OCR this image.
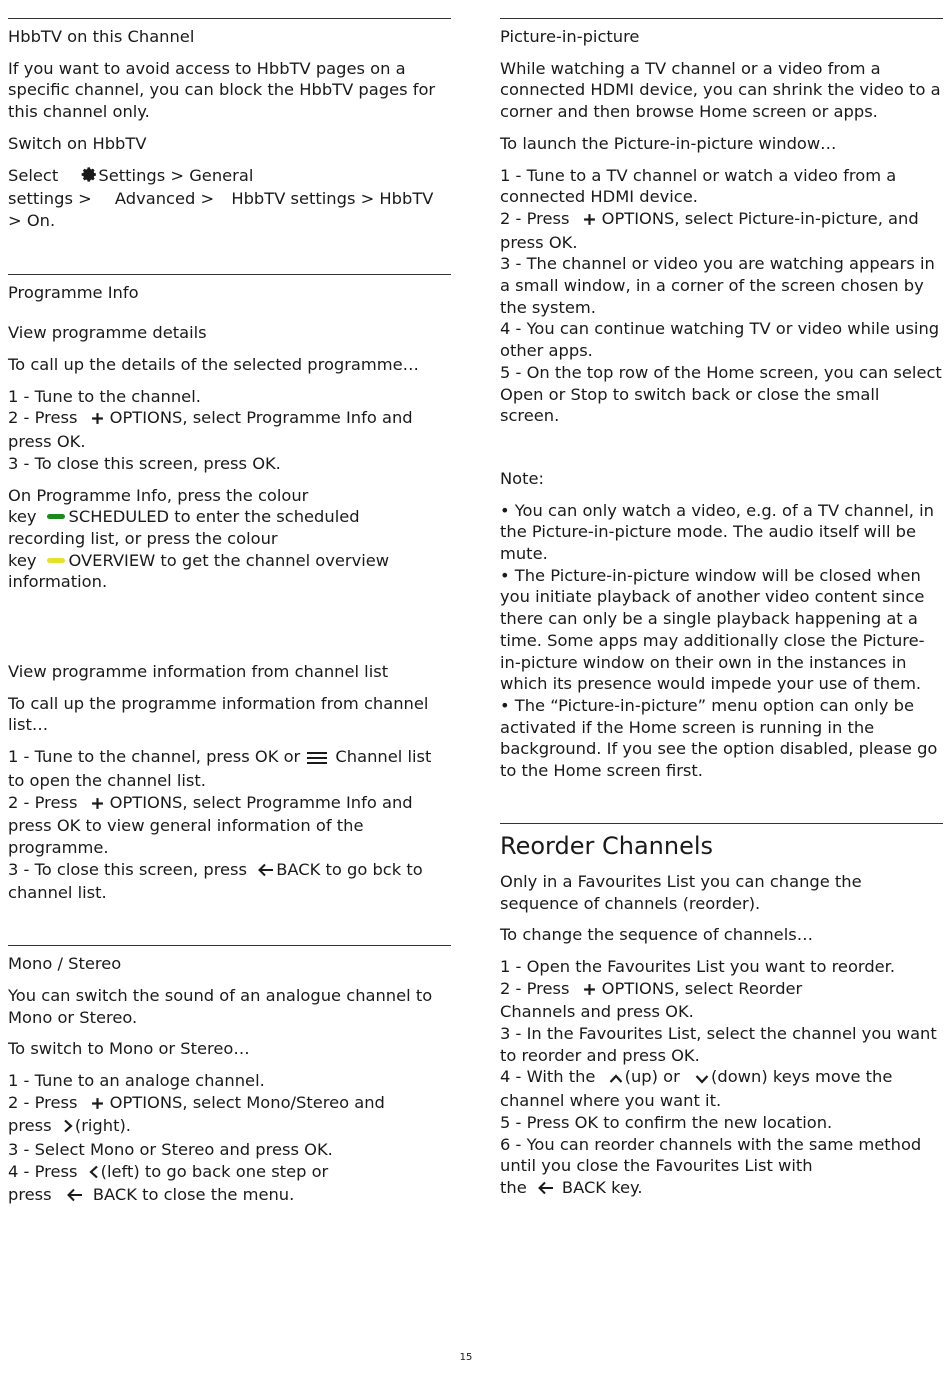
HbbTV on this Channel

If you want to avoid access to HbbTV pages on a specific channel, you can block the HbbTV pages for this channel only.

Switch on HbbTV

Select Settings > General
settings > Advanced > HbbTV settings > HbbTV
> On.

Programme Info

View programme details

To call up the details of the selected programme…

1 - Tune to the channel.
2 - Press OPTIONS, select Programme Info and
press OK.
3 - To close this screen, press OK.

On Programme Info, press the colour
key SCHEDULED to enter the scheduled
recording list, or press the colour
key OVERVIEW to get the channel overview
information.

View programme information from channel list

To call up the programme information from channel list…

1 - Tune to the channel, press OK or Channel list
to open the channel list.
2 - Press OPTIONS, select Programme Info and
press OK to view general information of the
programme.
3 - To close this screen, press BACK to go bck to
channel list.

Mono / Stereo

You can switch the sound of an analogue channel to Mono or Stereo.

To switch to Mono or Stereo…

1 - Tune to an analoge channel.
2 - Press OPTIONS, select Mono/Stereo and
press (right).
3 - Select Mono or Stereo and press OK.
4 - Press (left) to go back one step or
press	BACK to close the menu.

Picture-in-picture

While watching a TV channel or a video from a connected HDMI device, you can shrink the video to a corner and then browse Home screen or apps.

To launch the Picture-in-picture window…

1 - Tune to a TV channel or watch a video from a connected HDMI device.
2 - Press OPTIONS, select Picture-in-picture, and
press OK.
3 - The channel or video you are watching appears in a small window, in a corner of the screen chosen by the system.
4 - You can continue watching TV or video while using other apps.
5 - On the top row of the Home screen, you can select Open or Stop to switch back or close the small screen.

Note:

• You can only watch a video, e.g. of a TV channel, in the Picture-in-picture mode. The audio itself will be mute.
• The Picture-in-picture window will be closed when you initiate playback of another video content since there can only be a single playback happening at a time. Some apps may additionally close the Picture-in-picture window on their own in the instances in which its presence would impede your use of them.
• The “Picture-in-picture” menu option can only be activated if the Home screen is running in the background. If you see the option disabled, please go to the Home screen first.

Reorder Channels

Only in a Favourites List you can change the sequence of channels (reorder).

To change the sequence of channels…

1 - Open the Favourites List you want to reorder.
2 - Press OPTIONS, select Reorder
Channels and press OK.
3 - In the Favourites List, select the channel you want to reorder and press OK.
4 - With the (up) or (down) keys move the
channel where you want it.
5 - Press OK to confirm the new location.
6 - You can reorder channels with the same method
until you close the Favourites List with
the BACK key.

15
